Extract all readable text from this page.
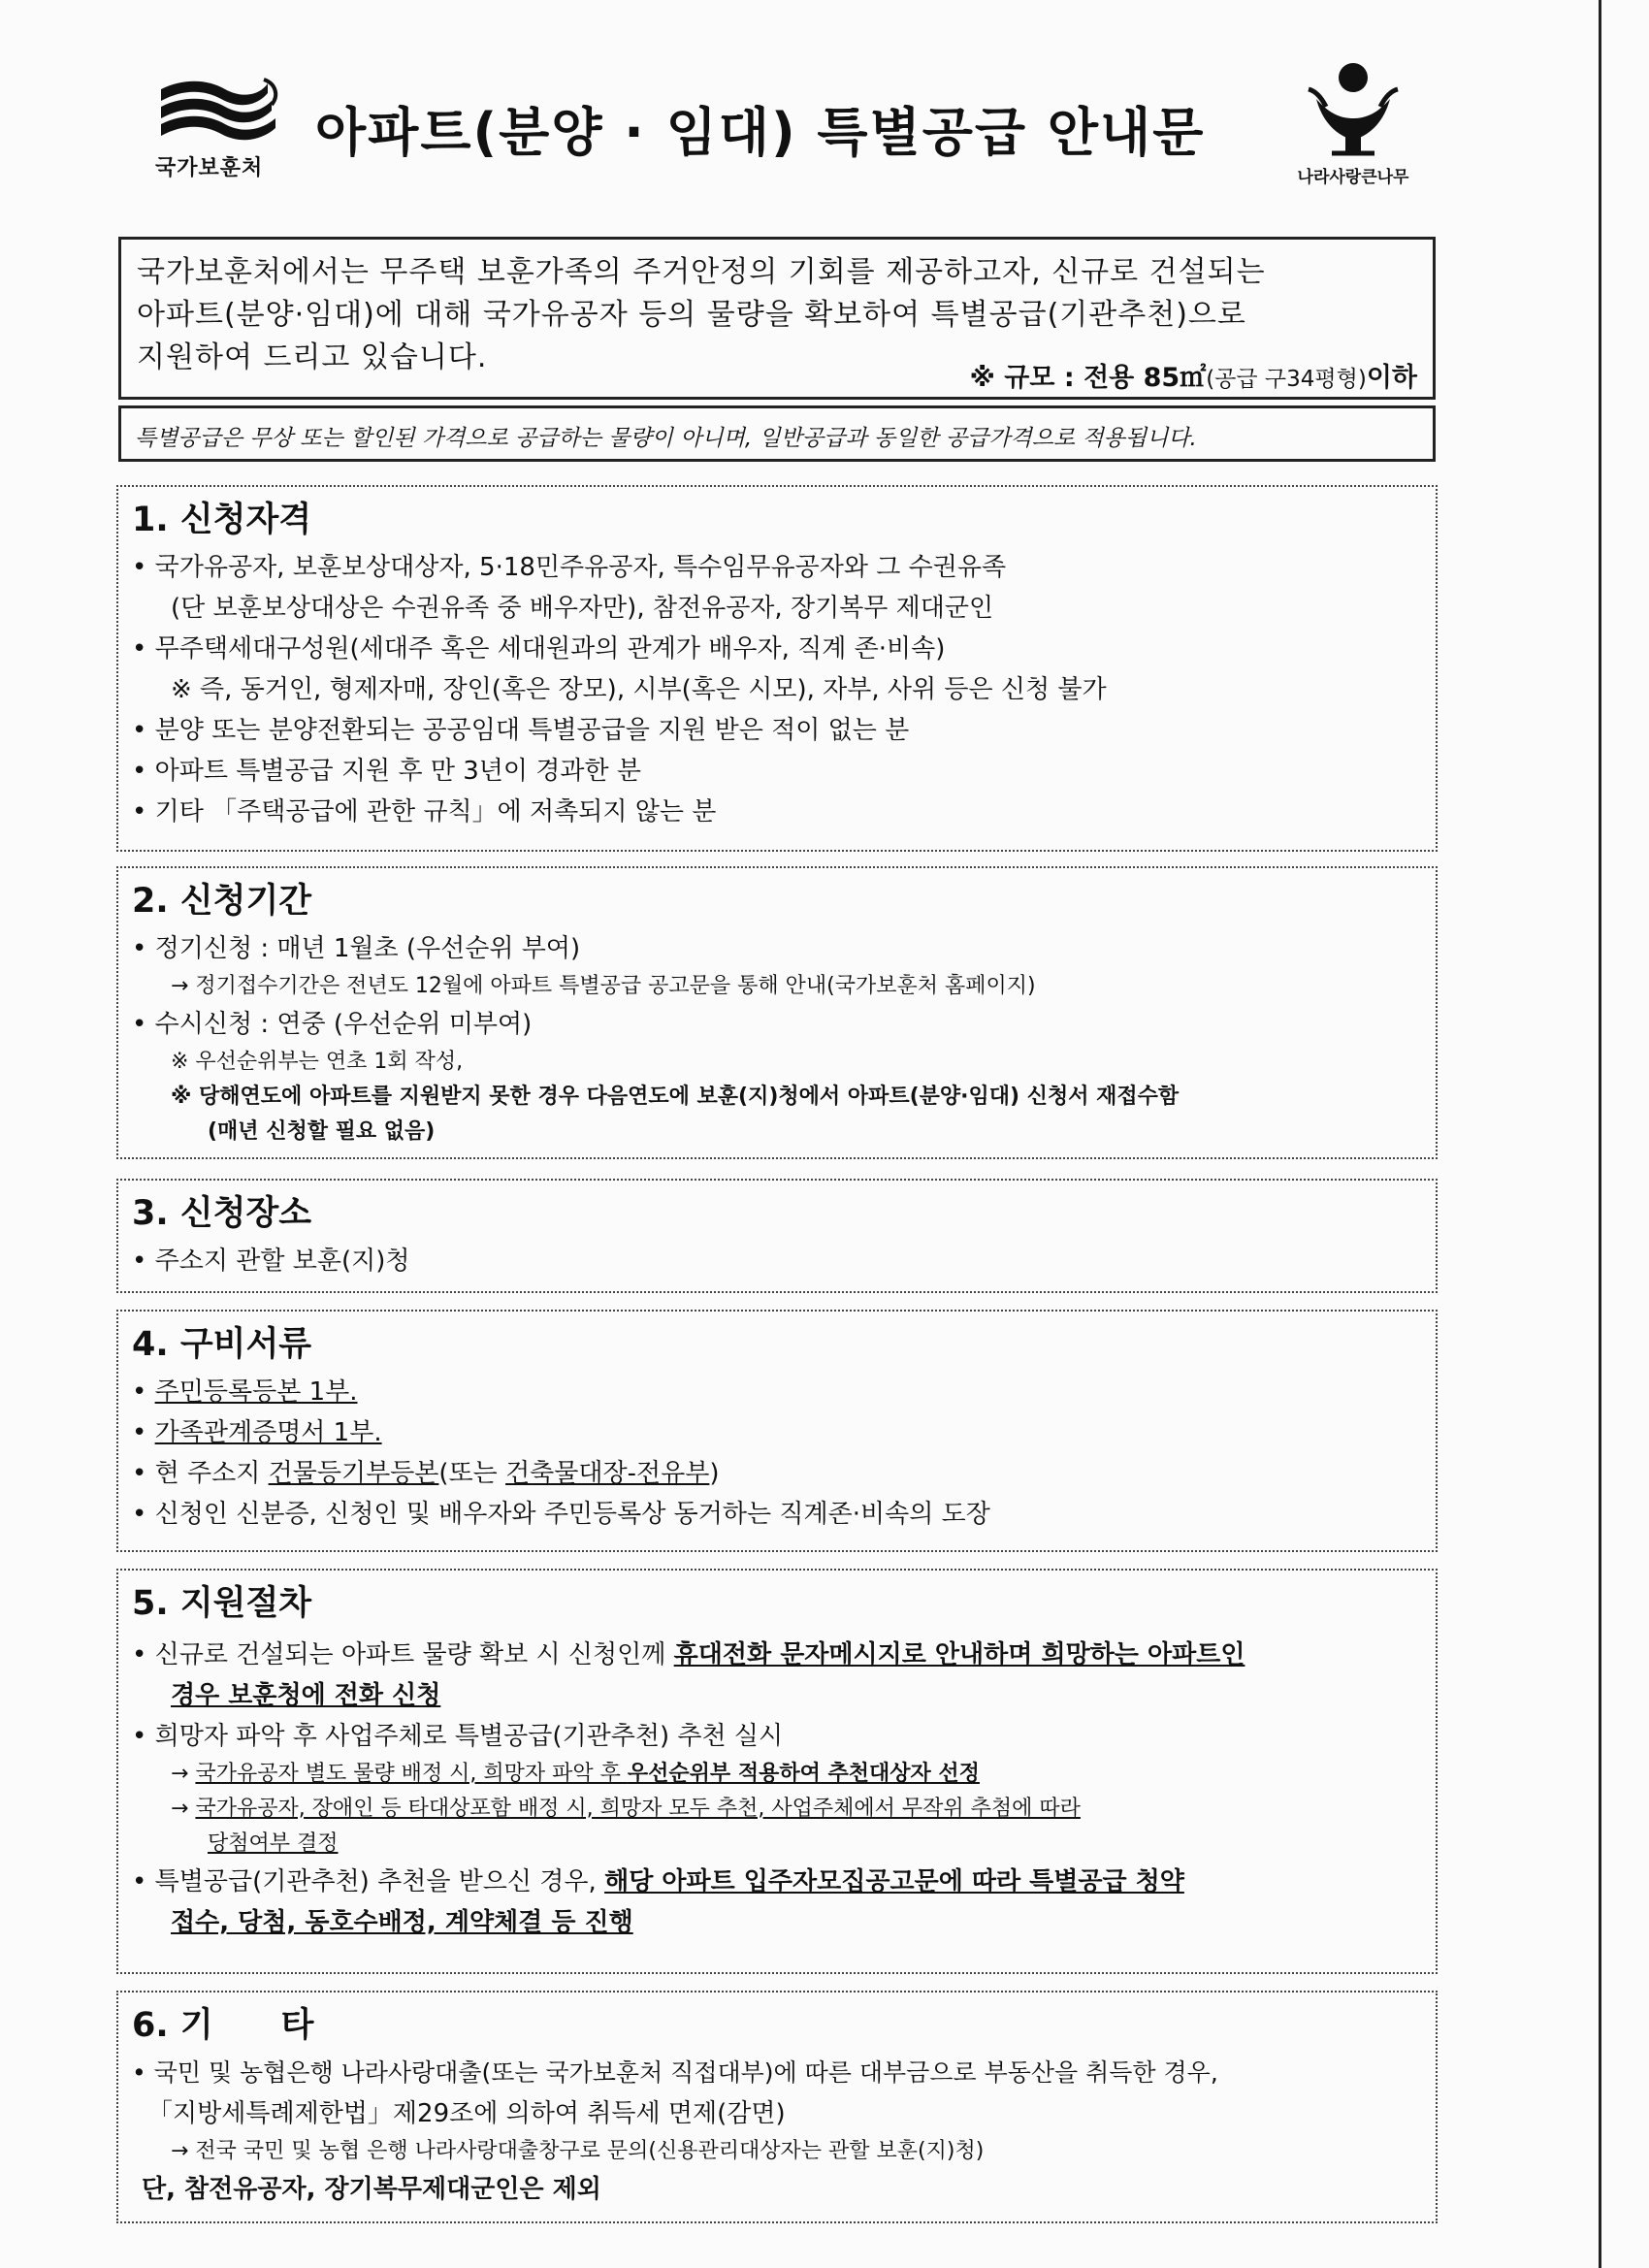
국가보훈처
아파트(분양 · 임대) 특별공급 안내문
나라사랑큰나무

국가보훈처에서는 무주택 보훈가족의 주거안정의 기회를 제공하고자, 신규로 건설되는

아파트(분양·임대)에 대해 국가유공자 등의 물량을 확보하여 특별공급(기관추천)으로

지원하여 드리고 있습니다.

※ 규모 : 전용 85㎡(공급 구34평형)이하
특별공급은 무상 또는 할인된 가격으로 공급하는 물량이 아니며, 일반공급과 동일한 공급가격으로 적용됩니다.
1. 신청자격
• 국가유공자, 보훈보상대상자, 5·18민주유공자, 특수임무유공자와 그 수권유족
(단 보훈보상대상은 수권유족 중 배우자만), 참전유공자, 장기복무 제대군인
• 무주택세대구성원(세대주 혹은 세대원과의 관계가 배우자, 직계 존·비속)
※ 즉, 동거인, 형제자매, 장인(혹은 장모), 시부(혹은 시모), 자부, 사위 등은 신청 불가
• 분양 또는 분양전환되는 공공임대 특별공급을 지원 받은 적이 없는 분
• 아파트 특별공급 지원 후 만 3년이 경과한 분
• 기타 「주택공급에 관한 규칙」에 저촉되지 않는 분
2. 신청기간
• 정기신청 : 매년 1월초 (우선순위 부여)
→ 정기접수기간은 전년도 12월에 아파트 특별공급 공고문을 통해 안내(국가보훈처 홈페이지)
• 수시신청 : 연중 (우선순위 미부여)
※ 우선순위부는 연초 1회 작성,
※ 당해연도에 아파트를 지원받지 못한 경우 다음연도에 보훈(지)청에서 아파트(분양·임대) 신청서 재접수함
(매년 신청할 필요 없음)
3. 신청장소
• 주소지 관할 보훈(지)청
4. 구비서류
• 주민등록등본 1부.
• 가족관계증명서 1부.
• 현 주소지 건물등기부등본(또는 건축물대장-전유부)
• 신청인 신분증, 신청인 및 배우자와 주민등록상 동거하는 직계존·비속의 도장
5. 지원절차
• 신규로 건설되는 아파트 물량 확보 시 신청인께 휴대전화 문자메시지로 안내하며 희망하는 아파트인
경우 보훈청에 전화 신청
• 희망자 파악 후 사업주체로 특별공급(기관추천) 추천 실시
→ 국가유공자 별도 물량 배정 시, 희망자 파악 후 우선순위부 적용하여 추천대상자 선정
→ 국가유공자, 장애인 등 타대상포함 배정 시, 희망자 모두 추천, 사업주체에서 무작위 추첨에 따라
당첨여부 결정
• 특별공급(기관추천) 추천을 받으신 경우, 해당 아파트 입주자모집공고문에 따라 특별공급 청약
접수, 당첨, 동호수배정, 계약체결 등 진행
6. 기　　타
• 국민 및 농협은행 나라사랑대출(또는 국가보훈처 직접대부)에 따른 대부금으로 부동산을 취득한 경우,
「지방세특례제한법」제29조에 의하여 취득세 면제(감면)
→ 전국 국민 및 농협 은행 나라사랑대출창구로 문의(신용관리대상자는 관할 보훈(지)청)
단, 참전유공자, 장기복무제대군인은 제외
